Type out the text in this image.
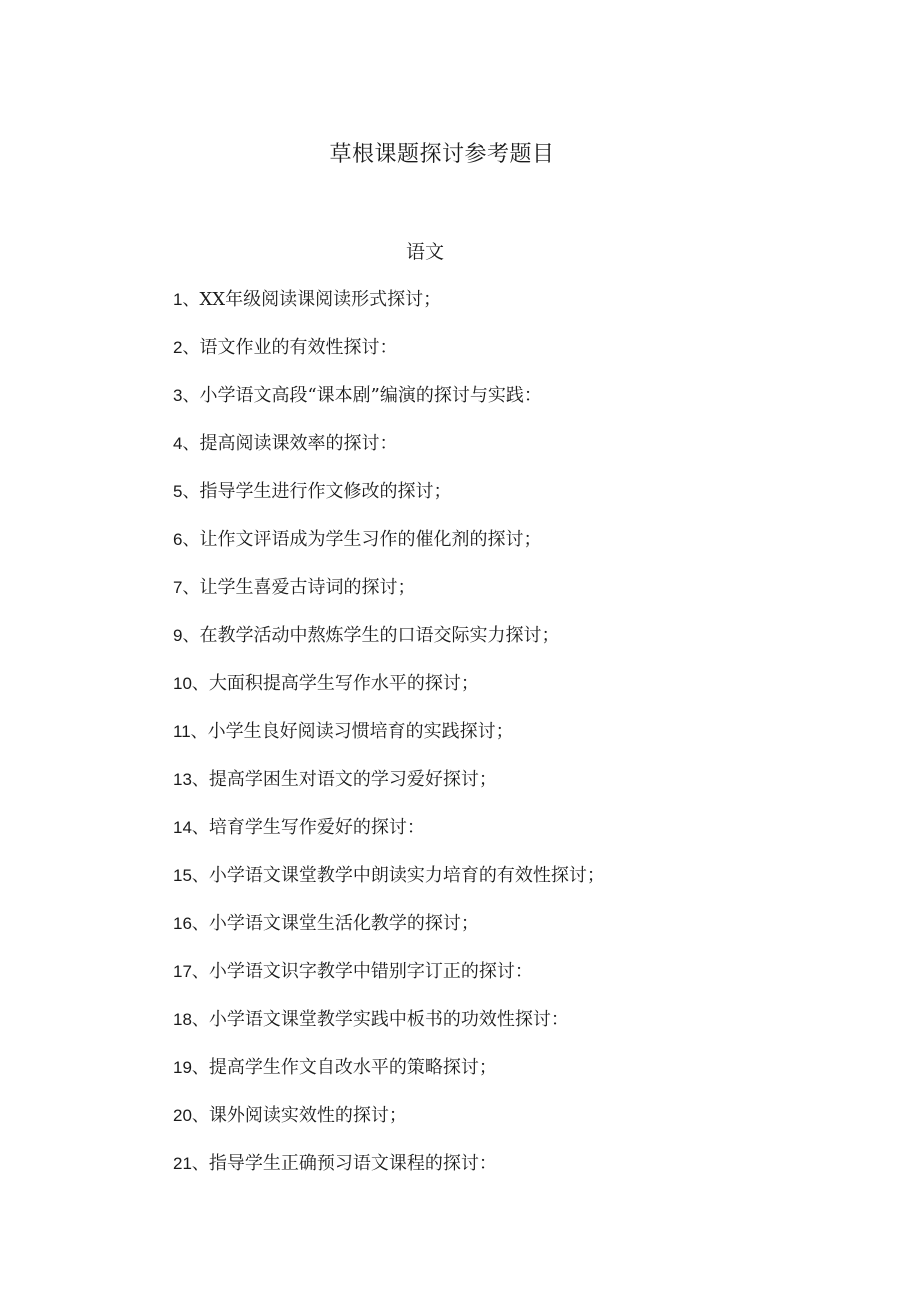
草根课题探讨参考题目
语文
1、XX年级阅读课阅读形式探讨；
2、语文作业的有效性探讨：
3、小学语文高段“课本剧”编演的探讨与实践：
4、提高阅读课效率的探讨：
5、指导学生进行作文修改的探讨；
6、让作文评语成为学生习作的催化剂的探讨；
7、让学生喜爱古诗词的探讨；
9、在教学活动中熬炼学生的口语交际实力探讨；
10、大面积提高学生写作水平的探讨；
11、小学生良好阅读习惯培育的实践探讨；
13、提高学困生对语文的学习爱好探讨；
14、培育学生写作爱好的探讨：
15、小学语文课堂教学中朗读实力培育的有效性探讨；
16、小学语文课堂生活化教学的探讨；
17、小学语文识字教学中错别字订正的探讨：
18、小学语文课堂教学实践中板书的功效性探讨：
19、提高学生作文自改水平的策略探讨；
20、课外阅读实效性的探讨；
21、指导学生正确预习语文课程的探讨：
